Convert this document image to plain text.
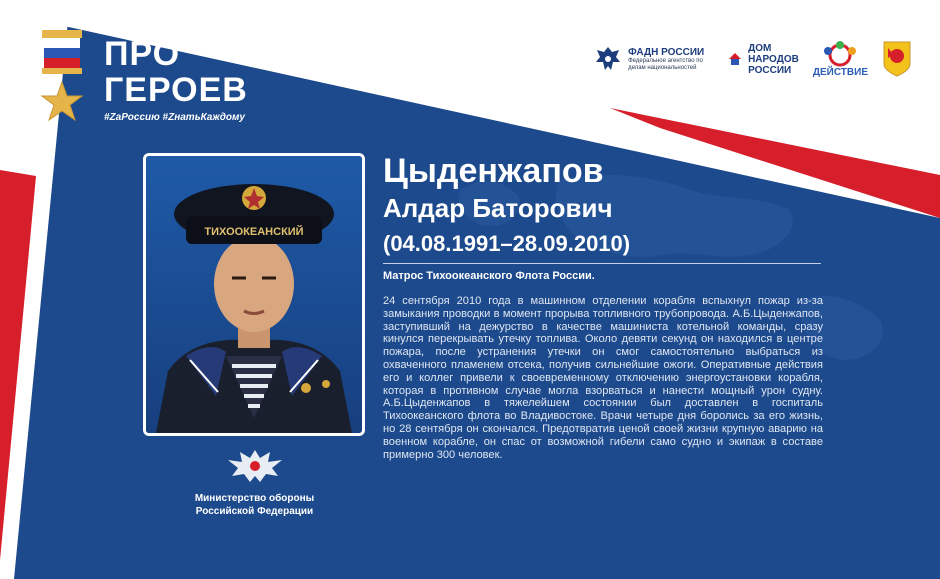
ПРО
ГЕРОЕВ
#ZaРоссию #ZнатьКаждому
ФАДН РОССИИ
Федеральное агентство по делам национальностей
ДОМ
НАРОДОВ
РОССИИ	ДЕЙСТВИЕ
ТИХООКЕАНСКИЙ
Министерство обороны
Российской Федерации
Цыденжапов
Алдар Баторович
(04.08.1991–28.09.2010)
Матрос Тихоокеанского Флота России.
24 сентября 2010 года в машинном отделении корабля вспыхнул пожар из-за замыкания проводки в момент прорыва топливного трубопровода. А.Б.Цыденжапов, заступивший на дежурство в качестве машиниста котельной команды, сразу кинулся перекрывать утечку топлива. Около девяти секунд он находился в центре пожара, после устранения утечки он смог самостоятельно выбраться из охваченного пламенем отсека, получив сильнейшие ожоги. Оперативные действия его и коллег привели к своевременному отключению энергоустановки корабля, которая в противном случае могла взорваться и нанести мощный урон судну. А.Б.Цыденжапов в тяжелейшем состоянии был доставлен в госпиталь Тихоокеанского флота во Владивостоке. Врачи четыре дня боролись за его жизнь, но 28 сентября он скончался. Предотвратив ценой своей жизни крупную аварию на военном корабле, он спас от возможной гибели само судно и экипаж в составе примерно 300 человек.
